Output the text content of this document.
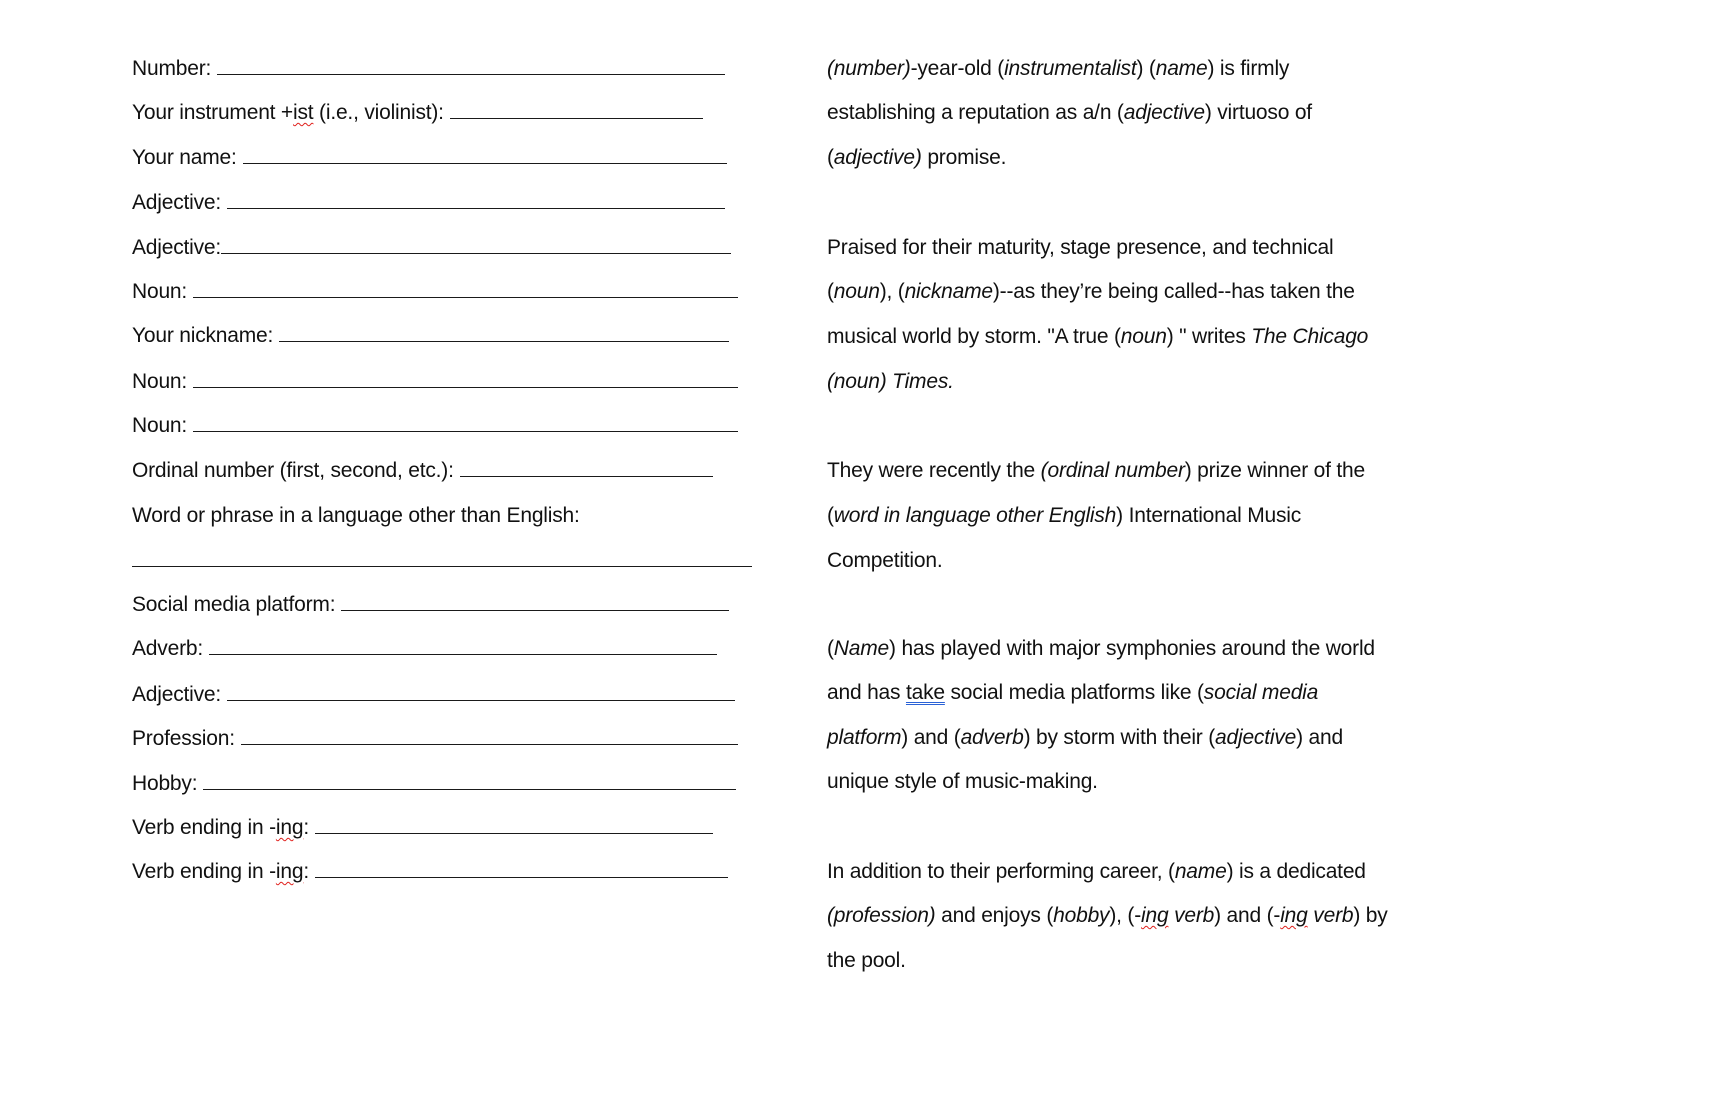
Number:
Your instrument +ist (i.e., violinist):
Your name:
Adjective:
Adjective:
Noun:
Your nickname:
Noun:
Noun:
Ordinal number (first, second, etc.):
Word or phrase in a language other than English:
Social media platform:
Adverb:
Adjective:
Profession:
Hobby:
Verb ending in -ing:
Verb ending in -ing:
(number)-year-old (instrumentalist) (name) is firmly
establishing a reputation as a/n (adjective) virtuoso of
(adjective) promise.
Praised for their maturity, stage presence, and technical
(noun), (nickname)--as they’re being called--has taken the
musical world by storm. "A true (noun) " writes The Chicago
(noun) Times.
They were recently the (ordinal number) prize winner of the
(word in language other English) International Music
Competition.
(Name) has played with major symphonies around the world
and has take social media platforms like (social media
platform) and (adverb) by storm with their (adjective) and
unique style of music-making.
In addition to their performing career, (name) is a dedicated
(profession) and enjoys (hobby), (-ing verb) and (-ing verb) by
the pool.
